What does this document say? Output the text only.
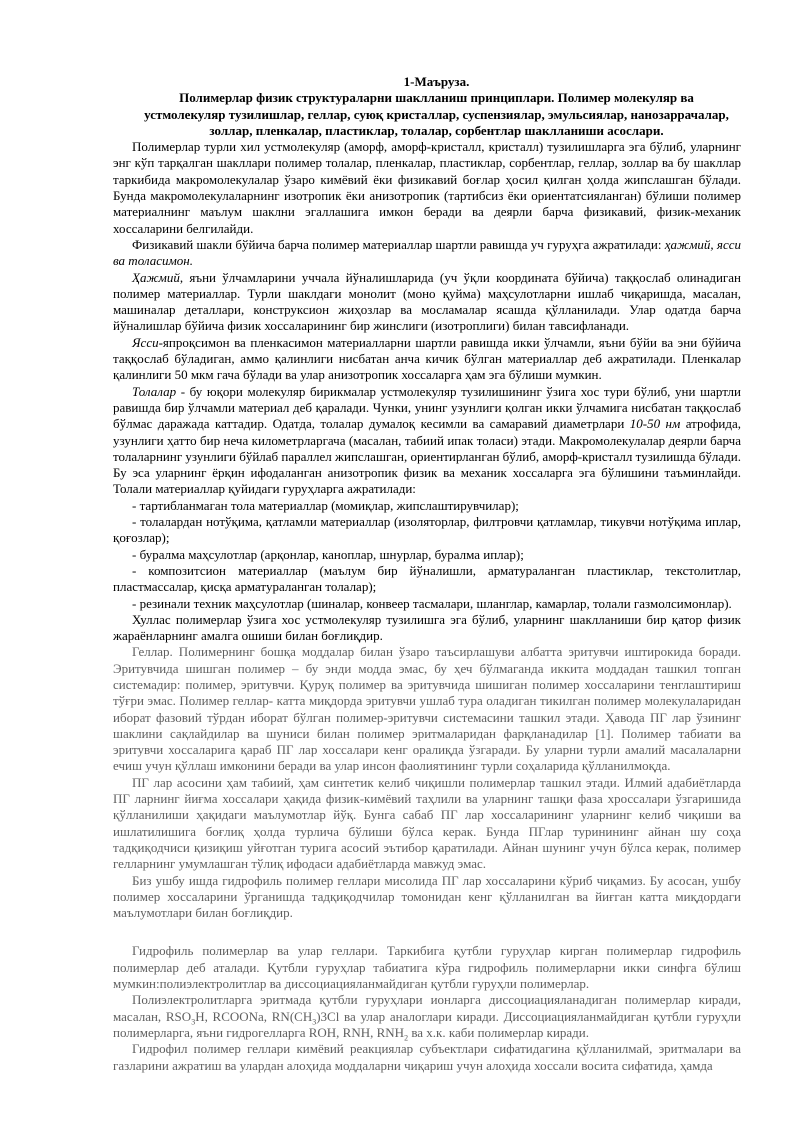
1-Маъруза.

Полимерлар физик структураларни шаклланиш принциплари. Полимер молекуляр ва

устмолекуляр тузилишлар, геллар, суюқ кристаллар, суспензиялар, эмульсиялар, нанозаррачалар,

золлар, пленкалар, пластиклар, толалар, сорбентлар шаклланиши асослари.

Полимерлар турли хил устмолекуляр (аморф, аморф-кристалл, кристалл) тузилишларга эга бўлиб, уларнинг энг кўп тарқалган шакллари полимер толалар, пленкалар, пластиклар, сорбентлар, геллар, золлар ва бу шакллар таркибида макромолекулалар ўзаро кимёвий ёки физикавий боғлар ҳосил қилган ҳолда жипслашган бўлади. Бунда макромолекулаларнинг изотропик ёки анизотропик (тартибсиз ёки ориентатсияланган) бўлиши полимер материалнинг маълум шаклни эгаллашига имкон беради ва деярли барча физикавий, физик-механик хоссаларини белгилайди.

Физикавий шакли бўйича барча полимер материаллар шартли равишда уч гуруҳга ажратилади: ҳажмий, ясси ва толасимон.

Ҳажмий, яъни ўлчамларини уччала йўналишларида (уч ўқли координата бўйича) таққослаб олинадиган полимер материаллар. Турли шаклдаги монолит (моно қуйма) маҳсулотларни ишлаб чиқаришда, масалан, машиналар деталлари, конструксион жиҳозлар ва мосламалар ясашда қўлланилади. Улар одатда барча йўналишлар бўйича физик хоссаларининг бир жинслиги (изотроплиги) билан тавсифланади.

Ясси-япроқсимон ва пленкасимон материалларни шартли равишда икки ўлчамли, яъни бўйи ва эни бўйича таққослаб бўладиган, аммо қалинлиги нисбатан анча кичик бўлган материаллар деб ажратилади. Пленкалар қалинлиги 50 мкм гача бўлади ва улар анизотропик хоссаларга ҳам эга бўлиши мумкин.

Толалар - бу юқори молекуляр бирикмалар устмолекуляр тузилишининг ўзига хос тури бўлиб, уни шартли равишда бир ўлчамли материал деб қаралади. Чунки, унинг узунлиги қолган икки ўлчамига нисбатан таққослаб бўлмас даражада каттадир. Одатда, толалар думалоқ кесимли ва самаравий диаметрлари 10-50 нм атрофида, узунлиги ҳатто бир неча километрларгача (масалан, табиий ипак толаси) этади. Макромолекулалар деярли барча толаларнинг узунлиги бўйлаб параллел жипслашган, ориентирланган бўлиб, аморф-кристалл тузилишда бўлади. Бу эса уларнинг ёрқин ифодаланган анизотропик физик ва механик хоссаларга эга бўлишини таъминлайди. Толали материаллар қуйидаги гуруҳларга ажратилади:

- тартибланмаган тола материаллар (момиқлар, жипслаштирувчилар);

- толалардан нотўқима, қатламли материаллар (изоляторлар, филтровчи қатламлар, тикувчи нотўқима иплар, қоғозлар);

- буралма маҳсулотлар (арқонлар, каноплар, шнурлар, буралма иплар);

- композитсион материаллар (маълум бир йўналишли, арматураланган пластиклар, текстолитлар, пластмассалар, қисқа арматураланган толалар);

- резинали техник маҳсулотлар (шиналар, конвеер тасмалари, шланглар, камарлар, толали газмолсимонлар).

Хуллас полимерлар ўзига хос устмолекуляр тузилишга эга бўлиб, уларнинг шаклланиши бир қатор физик жараёнларнинг амалга ошиши билан боғлиқдир.

Геллар. Полимернинг бошқа моддалар билан ўзаро таъсирлашуви албатта эритувчи иштирокида боради. Эритувчида шишган полимер – бу энди модда эмас, бу ҳеч бўлмаганда иккита моддадан ташкил топган системадир: полимер, эритувчи. Қуруқ полимер ва эритувчида шишиган полимер хоссаларини тенглаштириш тўғри эмас. Полимер геллар- катта миқдорда эритувчи ушлаб тура оладиган тикилган полимер молекулаларидан иборат фазовий тўрдан иборат бўлган полимер-эритувчи системасини ташкил этади. Ҳавода ПГ лар ўзининг шаклини сақлайдилар ва шуниси билан полимер эритмаларидан фарқланадилар [1]. Полимер табиати ва эритувчи хоссаларига қараб ПГ лар хоссалари кенг оралиқда ўзгаради. Бу уларни турли амалий масалаларни ечиш учун қўллаш имконини беради ва улар инсон фаолиятининг турли соҳаларида қўлланилмоқда.

ПГ лар асосини ҳам табиий, ҳам синтетик келиб чиқишли полимерлар ташкил этади. Илмий адабиётларда ПГ ларнинг йиғма хоссалари ҳақида физик-кимёвий таҳлили ва уларнинг ташқи фаза хроссалари ўзгаришида қўлланилиши ҳақидаги маълумотлар йўқ. Бунга сабаб ПГ лар хоссаларининг уларнинг келиб чиқиши ва ишлатилишига боғлиқ ҳолда турлича бўлиши бўлса керак. Бунда ПГлар туринининг айнан шу соҳа тадқиқодчиси қизиқиш уйғотган турига асосий эътибор қаратилади. Айнан шунинг учун бўлса керак, полимер гелларнинг умумлашган тўлиқ ифодаси адабиётларда мавжуд эмас.

Биз ушбу ишда гидрофиль полимер геллари мисолида ПГ лар хоссаларини кўриб чиқамиз. Бу асосан, ушбу полимер хоссаларини ўрганишда тадқиқодчилар томонидан кенг қўлланилган ва йиғган катта миқдордаги маълумотлари билан боғлиқдир.

Гидрофиль полимерлар ва улар геллари. Таркибига қутбли гуруҳлар кирган полимерлар гидрофиль полимерлар деб аталади. Қутбли гуруҳлар табиатига кўра гидрофиль полимерларни икки синфга бўлиш мумкин:полиэлектролитлар ва диссоциацияланмайдиган қутбли гуруҳли полимерлар.

Полиэлектролитларга эритмада қутбли гуруҳлари ионларга диссоциацияланадиган полимерлар киради, масалан, $RSO_3H$, RCOONa, $RN(CH_3)3Cl$ ва улар аналоглари киради. Диссоциацияланмайдиган қутбли гуруҳли полимерларга, яъни гидрогелларга ROH, RNH, $RNH_2$ ва х.к. каби полимерлар киради.

Гидрофил полимер геллари кимёвий реакциялар субъектлари сифатидагина қўлланилмай, эритмалари ва газларини ажратиш ва улардан алоҳида моддаларни чиқариш учун алоҳида хоссали восита сифатида, ҳамда
